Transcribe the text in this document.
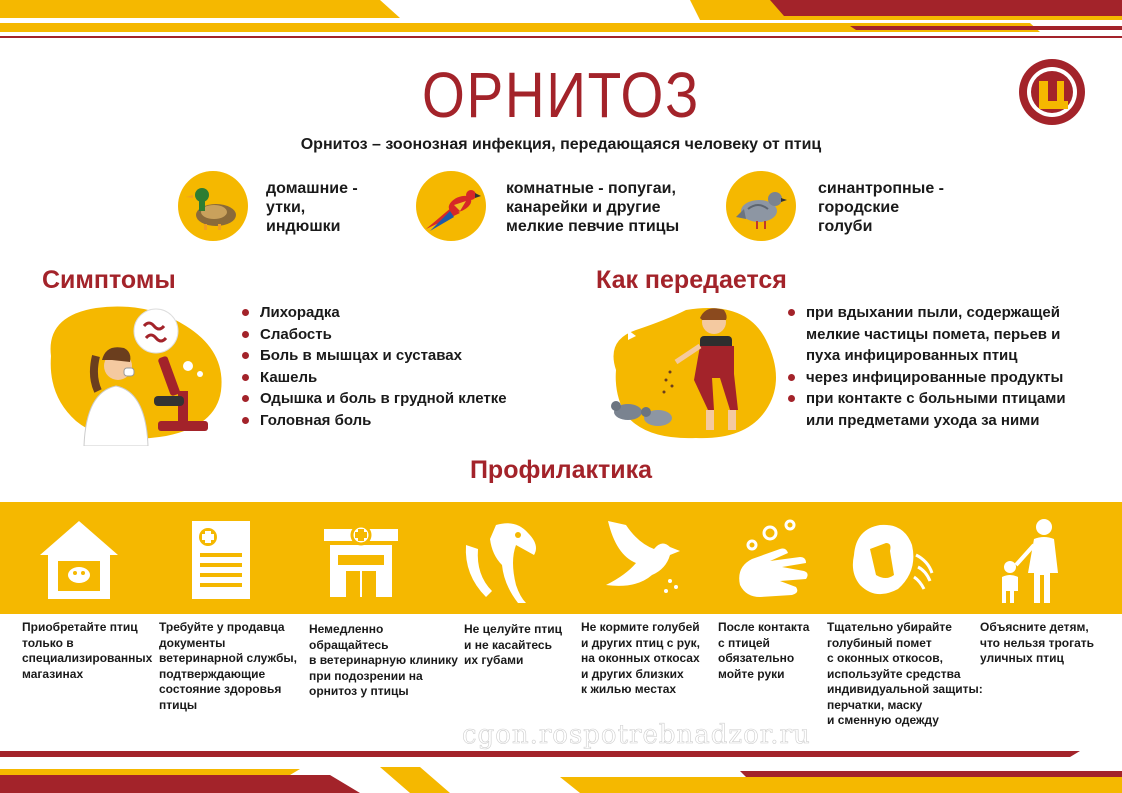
ОРНИТОЗ
Орнитоз – зоонозная инфекция, передающаяся человеку от птиц
домашние -
утки,
индюшки
комнатные - попугаи,
канарейки и другие
мелкие певчие птицы
синантропные -
городские
голуби
Симптомы
Лихорадка
Слабость
Боль в мышцах и суставах
Кашель
Одышка и боль в грудной клетке
Головная боль
Как передается
при вдыхании пыли, содержащей
мелкие частицы помета, перьев и
пуха инфицированных птиц
через инфицированные продукты
при контакте с больными птицами
или предметами ухода за ними
Профилактика
Приобретайте птиц
только в
специализированных
магазинах
Требуйте у продавца
документы
ветеринарной службы,
подтверждающие
состояние здоровья
птицы
Немедленно
обращайтесь
в ветеринарную клинику
при подозрении на
орнитоз у птицы
Не целуйте птиц
и не касайтесь
их губами
Не кормите голубей
и других птиц с рук,
на оконных откосах
и других близких
к жилью местах
После контакта
с птицей
обязательно
мойте руки
Тщательно убирайте
голубиный помет
с оконных откосов,
используйте средства
индивидуальной защиты:
перчатки, маску
и сменную одежду
Объясните детям,
что нельзя трогать
уличных птиц
cgon.rospotrebnadzor.ru
